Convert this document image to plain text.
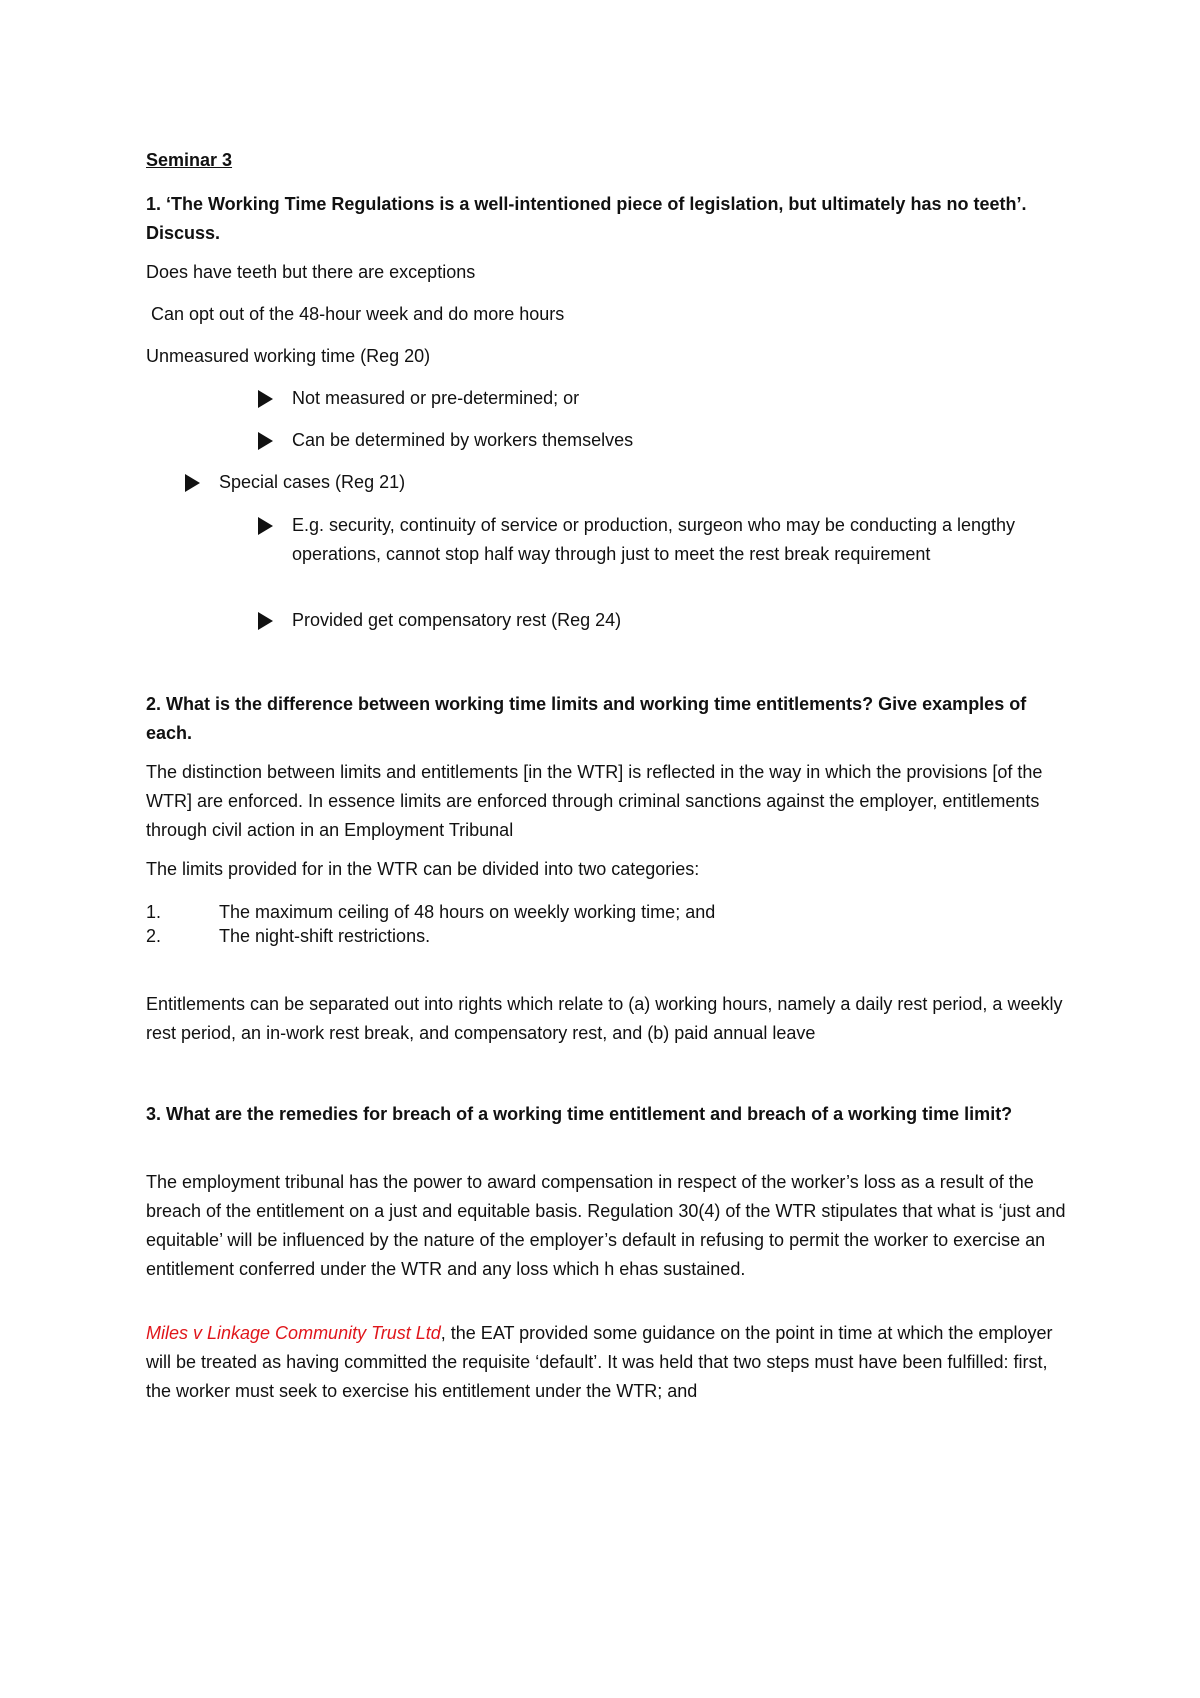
Seminar 3

1. ‘The Working Time Regulations is a well-intentioned piece of legislation, but ultimately has no teeth’. Discuss.

Does have teeth but there are exceptions

Can opt out of the 48-hour week and do more hours

Unmeasured working time (Reg 20)

Not measured or pre-determined; or

Can be determined by workers themselves

Special cases (Reg 21)

E.g. security, continuity of service or production, surgeon who may be conducting a lengthy operations, cannot stop half way through just to meet the rest break requirement

Provided get compensatory rest (Reg 24)

2. What is the difference between working time limits and working time entitlements? Give examples of each.

The distinction between limits and entitlements [in the WTR] is reflected in the way in which the provisions [of the WTR] are enforced. In essence limits are enforced through criminal sanctions against the employer, entitlements through civil action in an Employment Tribunal

The limits provided for in the WTR can be divided into two categories:

1.	The maximum ceiling of 48 hours on weekly working time; and

2.	The night-shift restrictions.

Entitlements can be separated out into rights which relate to (a) working hours, namely a daily rest period, a weekly rest period, an in-work rest break, and compensatory rest, and (b) paid annual leave

3. What are the remedies for breach of a working time entitlement and breach of a working time limit?

The employment tribunal has the power to award compensation in respect of the worker’s loss as a result of the breach of the entitlement on a just and equitable basis. Regulation 30(4) of the WTR stipulates that what is ‘just and equitable’ will be influenced by the nature of the employer’s default in refusing to permit the worker to exercise an entitlement conferred under the WTR and any loss which h ehas sustained.

Miles v Linkage Community Trust Ltd, the EAT provided some guidance on the point in time at which the employer will be treated as having committed the requisite ‘default’. It was held that two steps must have been fulfilled: first, the worker must seek to exercise his entitlement under the WTR; and
